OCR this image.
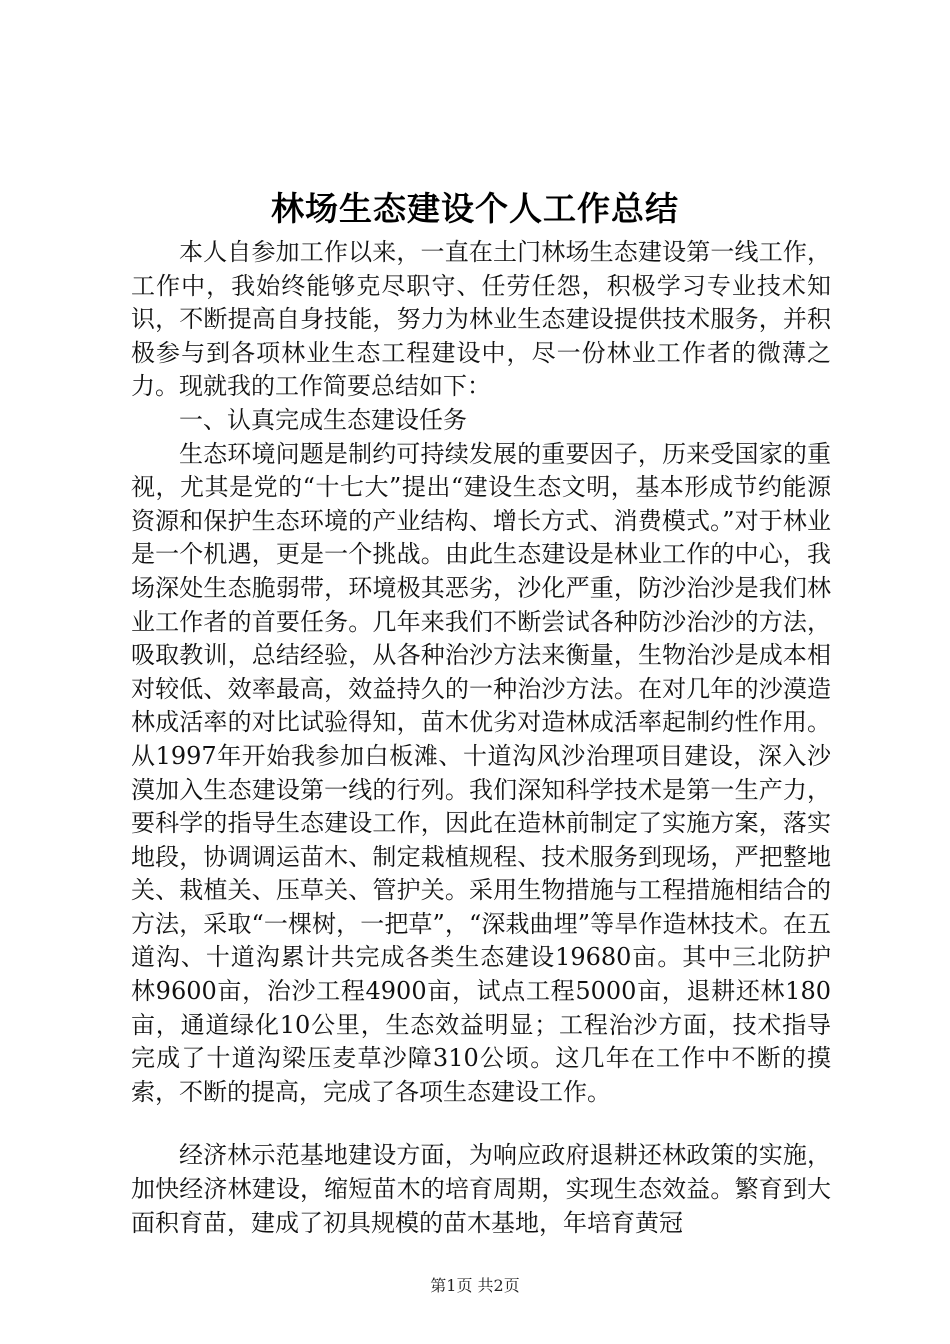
林场生态建设个人工作总结

本人自参加工作以来，一直在土门林场生态建设第一线工作，工作中，我始终能够克尽职守、任劳任怨，积极学习专业技术知识，不断提高自身技能，努力为林业生态建设提供技术服务，并积极参与到各项林业生态工程建设中，尽一份林业工作者的微薄之力。现就我的工作简要总结如下：

一、认真完成生态建设任务

生态环境问题是制约可持续发展的重要因子，历来受国家的重视，尤其是党的“十七大”提出“建设生态文明，基本形成节约能源资源和保护生态环境的产业结构、增长方式、消费模式。”对于林业是一个机遇，更是一个挑战。由此生态建设是林业工作的中心，我场深处生态脆弱带，环境极其恶劣，沙化严重，防沙治沙是我们林业工作者的首要任务。几年来我们不断尝试各种防沙治沙的方法，吸取教训，总结经验，从各种治沙方法来衡量，生物治沙是成本相对较低、效率最高，效益持久的一种治沙方法。在对几年的沙漠造林成活率的对比试验得知，苗木优劣对造林成活率起制约性作用。从1997年开始我参加白板滩、十道沟风沙治理项目建设，深入沙漠加入生态建设第一线的行列。我们深知科学技术是第一生产力，要科学的指导生态建设工作，因此在造林前制定了实施方案，落实地段，协调调运苗木、制定栽植规程、技术服务到现场，严把整地关、栽植关、压草关、管护关。采用生物措施与工程措施相结合的方法，采取“一棵树，一把草”，“深栽曲埋”等旱作造林技术。在五道沟、十道沟累计共完成各类生态建设19680亩。其中三北防护林9600亩，治沙工程4900亩，试点工程5000亩，退耕还林180亩，通道绿化10公里，生态效益明显；工程治沙方面，技术指导完成了十道沟梁压麦草沙障310公顷。这几年在工作中不断的摸索，不断的提高，完成了各项生态建设工作。

经济林示范基地建设方面，为响应政府退耕还林政策的实施，加快经济林建设，缩短苗木的培育周期，实现生态效益。繁育到大面积育苗，建成了初具规模的苗木基地，年培育黄冠

第1页 共2页
